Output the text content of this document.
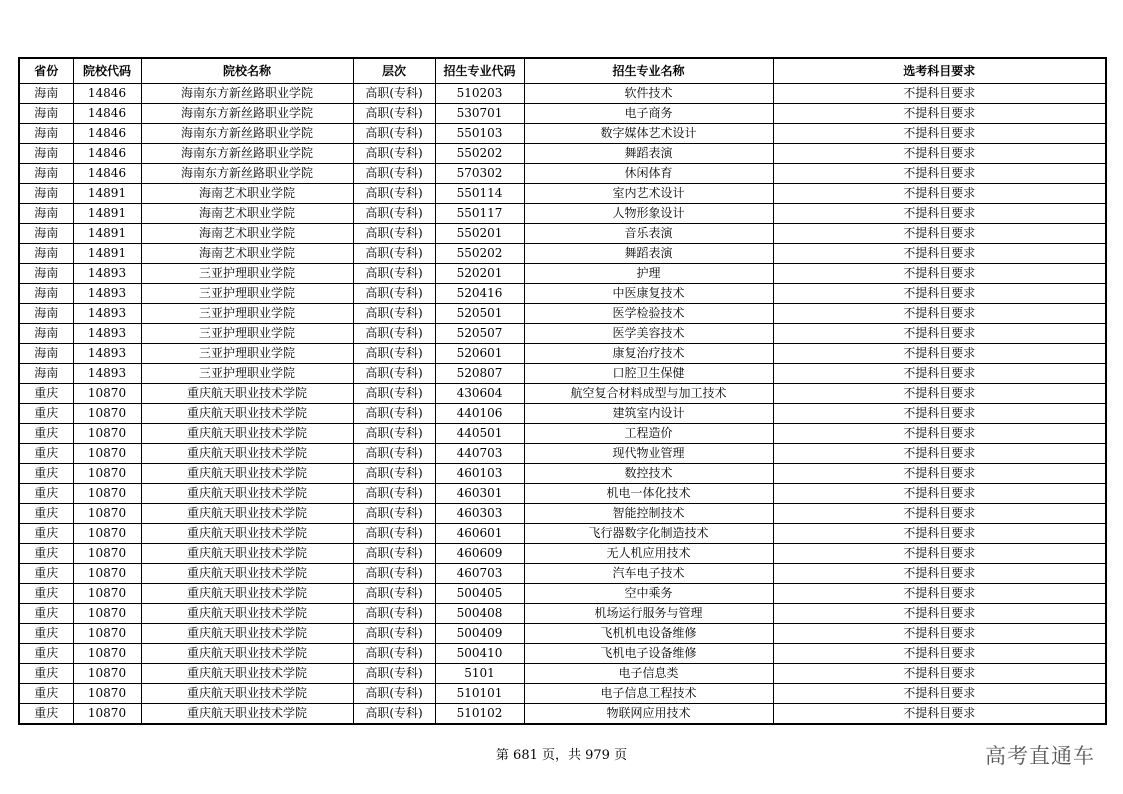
省份	院校代码	院校名称	层次	招生专业代码	招生专业名称	选考科目要求
海南	14846	海南东方新丝路职业学院	高职(专科)	510203	软件技术	不提科目要求
海南	14846	海南东方新丝路职业学院	高职(专科)	530701	电子商务	不提科目要求
海南	14846	海南东方新丝路职业学院	高职(专科)	550103	数字媒体艺术设计	不提科目要求
海南	14846	海南东方新丝路职业学院	高职(专科)	550202	舞蹈表演	不提科目要求
海南	14846	海南东方新丝路职业学院	高职(专科)	570302	休闲体育	不提科目要求
海南	14891	海南艺术职业学院	高职(专科)	550114	室内艺术设计	不提科目要求
海南	14891	海南艺术职业学院	高职(专科)	550117	人物形象设计	不提科目要求
海南	14891	海南艺术职业学院	高职(专科)	550201	音乐表演	不提科目要求
海南	14891	海南艺术职业学院	高职(专科)	550202	舞蹈表演	不提科目要求
海南	14893	三亚护理职业学院	高职(专科)	520201	护理	不提科目要求
海南	14893	三亚护理职业学院	高职(专科)	520416	中医康复技术	不提科目要求
海南	14893	三亚护理职业学院	高职(专科)	520501	医学检验技术	不提科目要求
海南	14893	三亚护理职业学院	高职(专科)	520507	医学美容技术	不提科目要求
海南	14893	三亚护理职业学院	高职(专科)	520601	康复治疗技术	不提科目要求
海南	14893	三亚护理职业学院	高职(专科)	520807	口腔卫生保健	不提科目要求
重庆	10870	重庆航天职业技术学院	高职(专科)	430604	航空复合材料成型与加工技术	不提科目要求
重庆	10870	重庆航天职业技术学院	高职(专科)	440106	建筑室内设计	不提科目要求
重庆	10870	重庆航天职业技术学院	高职(专科)	440501	工程造价	不提科目要求
重庆	10870	重庆航天职业技术学院	高职(专科)	440703	现代物业管理	不提科目要求
重庆	10870	重庆航天职业技术学院	高职(专科)	460103	数控技术	不提科目要求
重庆	10870	重庆航天职业技术学院	高职(专科)	460301	机电一体化技术	不提科目要求
重庆	10870	重庆航天职业技术学院	高职(专科)	460303	智能控制技术	不提科目要求
重庆	10870	重庆航天职业技术学院	高职(专科)	460601	飞行器数字化制造技术	不提科目要求
重庆	10870	重庆航天职业技术学院	高职(专科)	460609	无人机应用技术	不提科目要求
重庆	10870	重庆航天职业技术学院	高职(专科)	460703	汽车电子技术	不提科目要求
重庆	10870	重庆航天职业技术学院	高职(专科)	500405	空中乘务	不提科目要求
重庆	10870	重庆航天职业技术学院	高职(专科)	500408	机场运行服务与管理	不提科目要求
重庆	10870	重庆航天职业技术学院	高职(专科)	500409	飞机机电设备维修	不提科目要求
重庆	10870	重庆航天职业技术学院	高职(专科)	500410	飞机电子设备维修	不提科目要求
重庆	10870	重庆航天职业技术学院	高职(专科)	5101	电子信息类	不提科目要求
重庆	10870	重庆航天职业技术学院	高职(专科)	510101	电子信息工程技术	不提科目要求
重庆	10870	重庆航天职业技术学院	高职(专科)	510102	物联网应用技术	不提科目要求
第 681 页，共 979 页	高考直通车
